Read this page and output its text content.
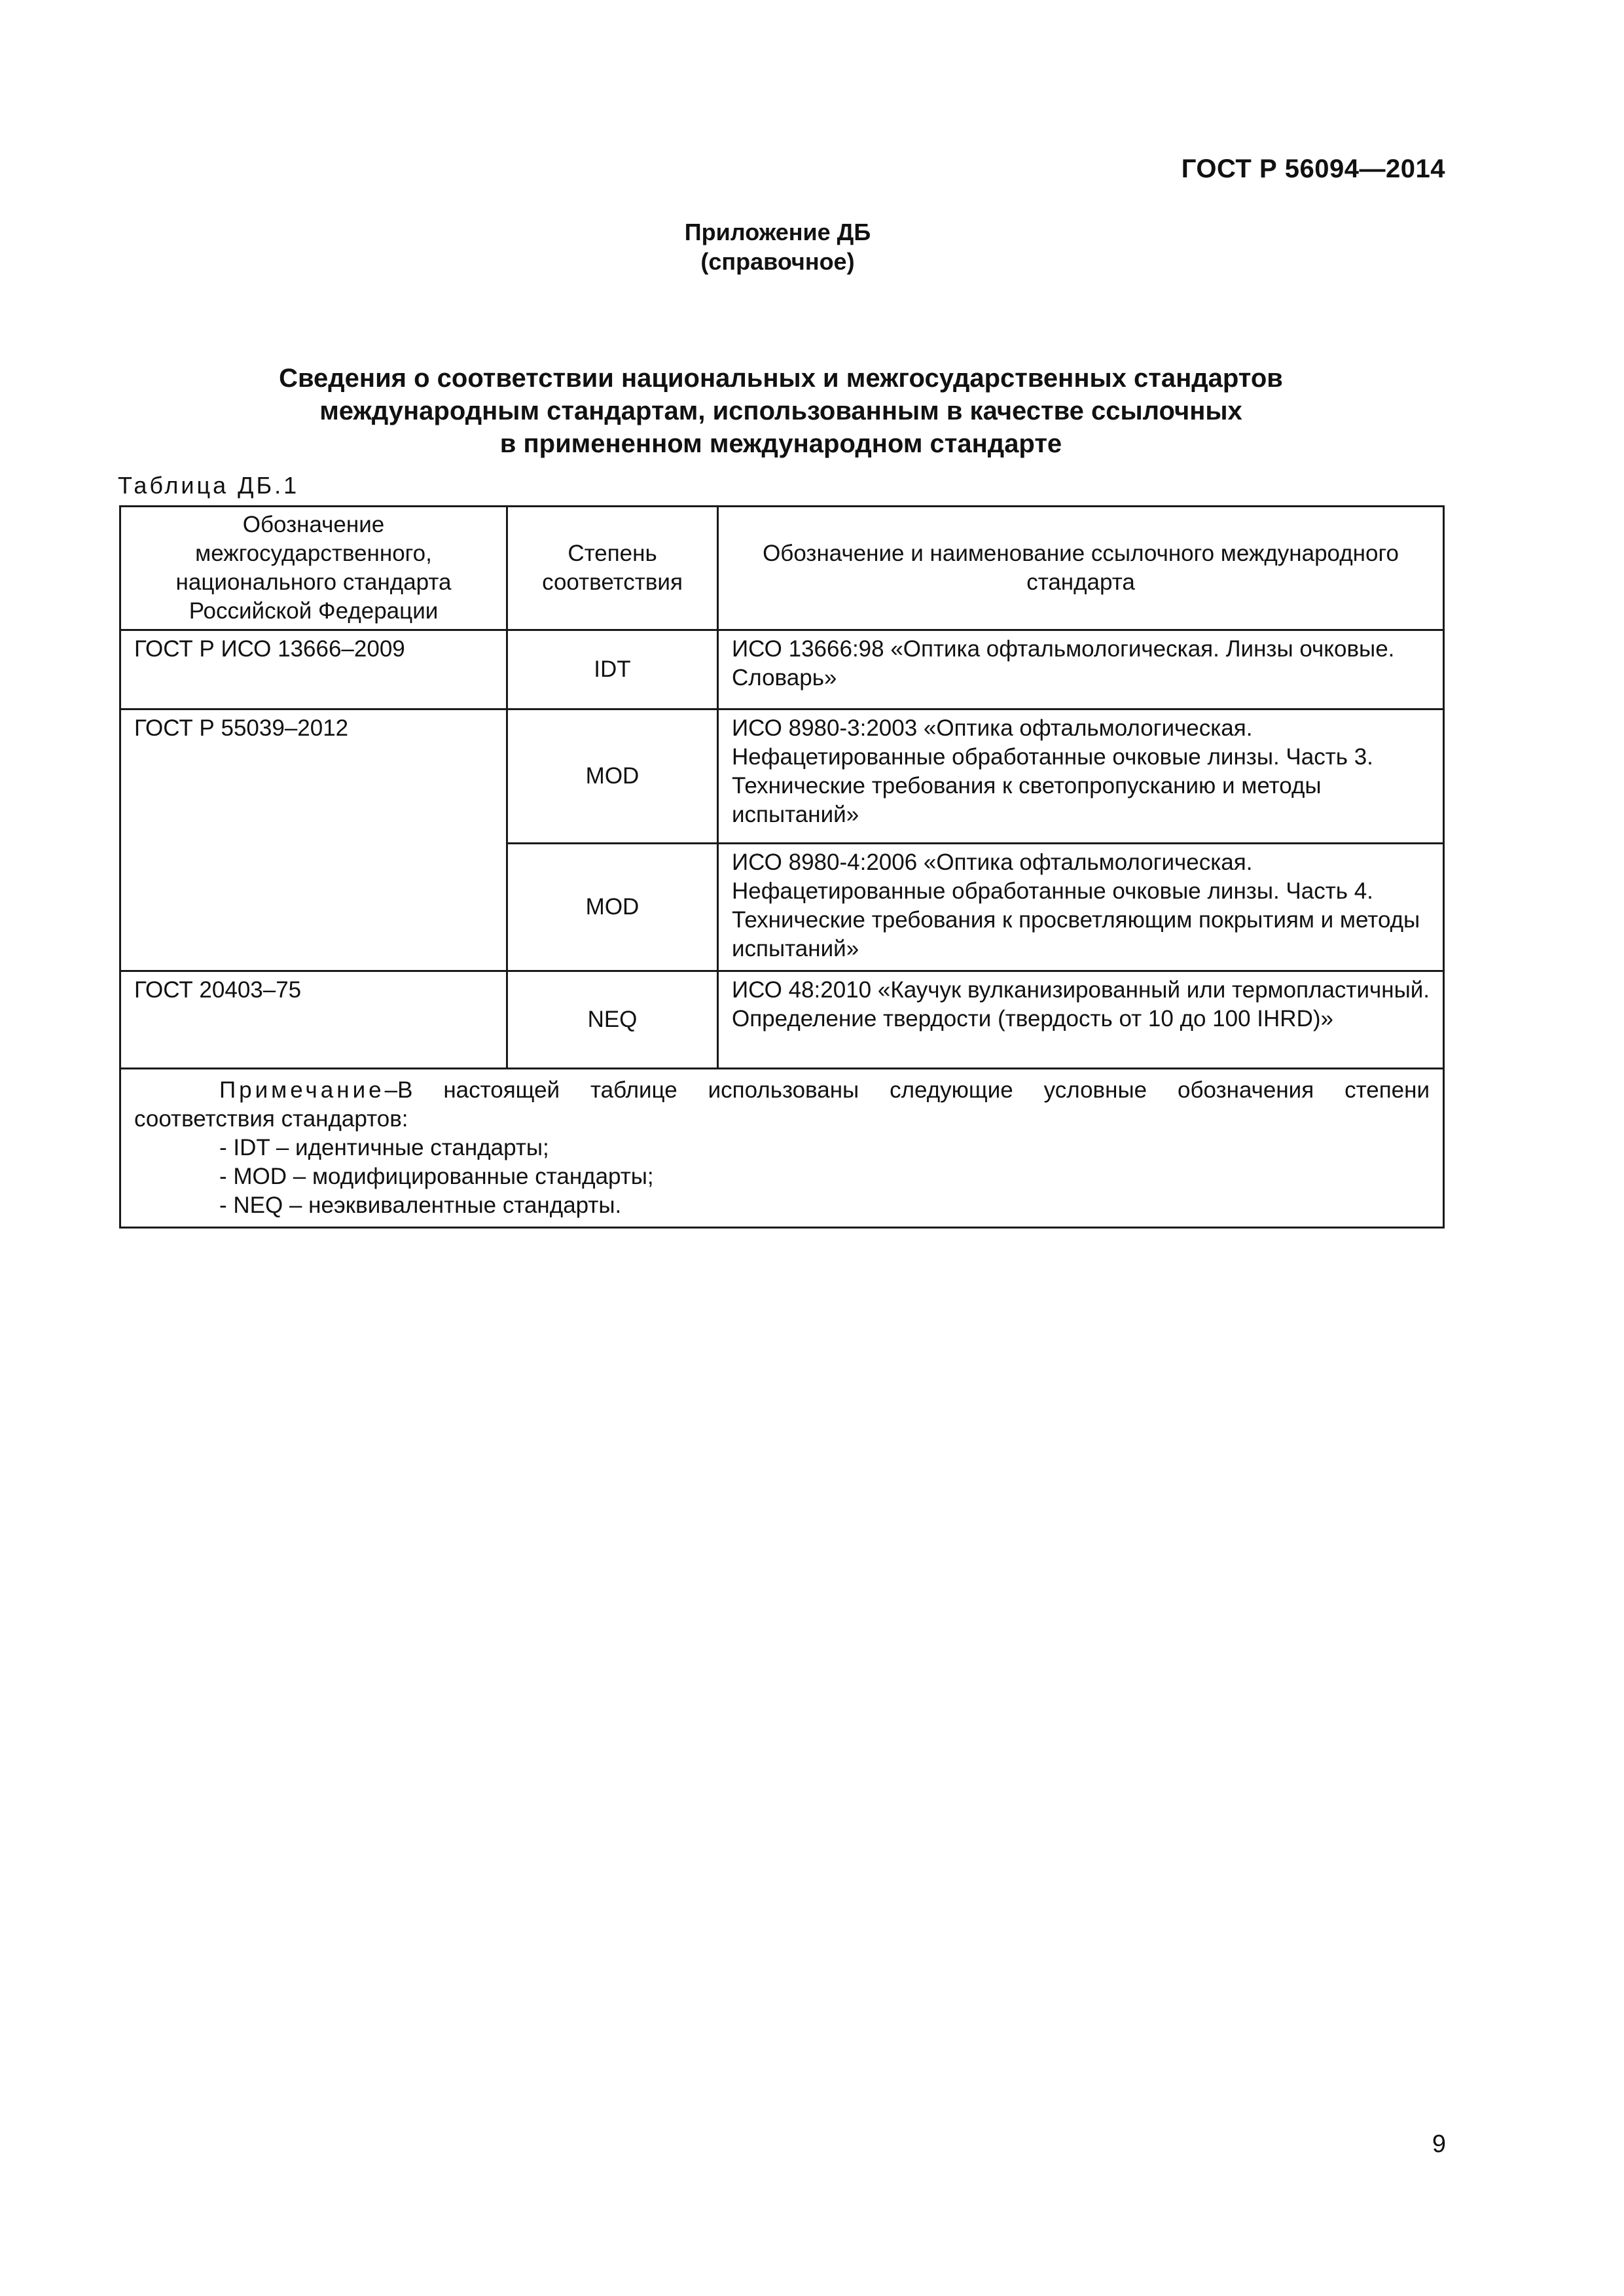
ГОСТ Р 56094—2014
Приложение ДБ
(справочное)
Сведения о соответствии национальных и межгосударственных стандартов
международным стандартам, использованным в качестве ссылочных
в примененном международном стандарте
Таблица ДБ.1
Обозначение межгосударственного, национального стандарта Российской Федерации	Степень соответствия	Обозначение и наименование ссылочного международного стандарта
ГОСТ Р ИСО 13666–2009	IDT	ИСО 13666:98 «Оптика офтальмологическая. Линзы очковые. Словарь»
ГОСТ Р 55039–2012	MOD	ИСО 8980-3:2003 «Оптика офтальмологическая. Нефацетированные обработанные очковые линзы. Часть 3. Технические требования к светопропусканию и методы испытаний»
	MOD	ИСО 8980-4:2006 «Оптика офтальмологическая. Нефацетированные обработанные очковые линзы. Часть 4. Технические требования к просветляющим покрытиям и методы испытаний»
ГОСТ 20403–75	NEQ	ИСО 48:2010 «Каучук вулканизированный или термопластичный. Определение твердости (твердость от 10 до 100 IHRD)»

Примечание–В настоящей таблице использованы следующие условные обозначения степени

соответствия стандартов:

- IDT – идентичные стандарты;

- MOD – модифицированные стандарты;

- NEQ – неэквивалентные стандарты.		

9
